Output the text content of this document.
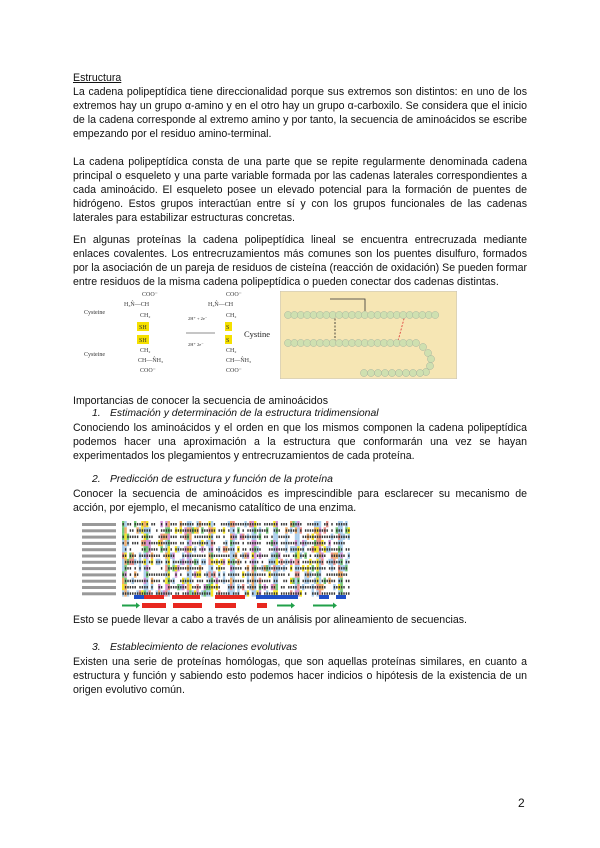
Estructura
La cadena polipeptídica tiene direccionalidad porque sus extremos son distintos: en uno de los extremos hay un grupo α-amino y en el otro hay un grupo α-carboxilo. Se considera que el inicio de la cadena corresponde al extremo amino y por tanto, la secuencia de aminoácidos se escribe empezando por el residuo amino-terminal.
La cadena polipeptídica consta de una parte que se repite regularmente denominada cadena principal o esqueleto y una parte variable formada por las cadenas laterales correspondientes a cada aminoácido. El esqueleto posee un elevado potencial para la formación de puentes de hidrógeno. Estos grupos interactúan entre sí y con los grupos funcionales de las cadenas laterales para estabilizar estructuras concretas.
En algunas proteínas la cadena polipeptídica lineal se encuentra entrecruzada mediante enlaces covalentes. Los entrecruzamientos más comunes son los puentes disulfuro, formados por la asociación de un pareja de residuos de cisteína (reacción de oxidación) Se pueden formar entre residuos de la misma cadena polipeptídica o pueden conectar dos cadenas distintas.
COO⁻
H₃N̂—CH
Cysteine	CH₂
SH
SH
CH₂
Cysteine
CH—N̂H₃
COO⁻
2H⁺ + 2e⁻
2H⁺ 2e⁻
COO⁻
H₃N̂—CH
CH₂
S
S
Cystine
CH₂
CH—N̂H₃
COO⁻
Importancias de conocer la secuencia de aminoácidos
1. Estimación y determinación de la estructura tridimensional
Conociendo los aminoácidos y el orden en que los mismos componen la cadena polipeptídica podemos hacer una aproximación a la estructura que conformarán una vez se hayan experimentados los plegamientos y entrecruzamientos de cada proteína.
2. Predicción de estructura y función de la proteína
Conocer la secuencia de aminoácidos es imprescindible para esclarecer su mecanismo de acción, por ejemplo, el mecanismo catalítico de una enzima.
Esto se puede llevar a cabo a través de un análisis por alineamiento de secuencias.
3. Establecimiento de relaciones evolutivas
Existen una serie de proteínas homólogas, que son aquellas proteínas similares, en cuanto a estructura y función y sabiendo esto podemos hacer indicios o hipótesis de la existencia de un origen evolutivo común.
2
